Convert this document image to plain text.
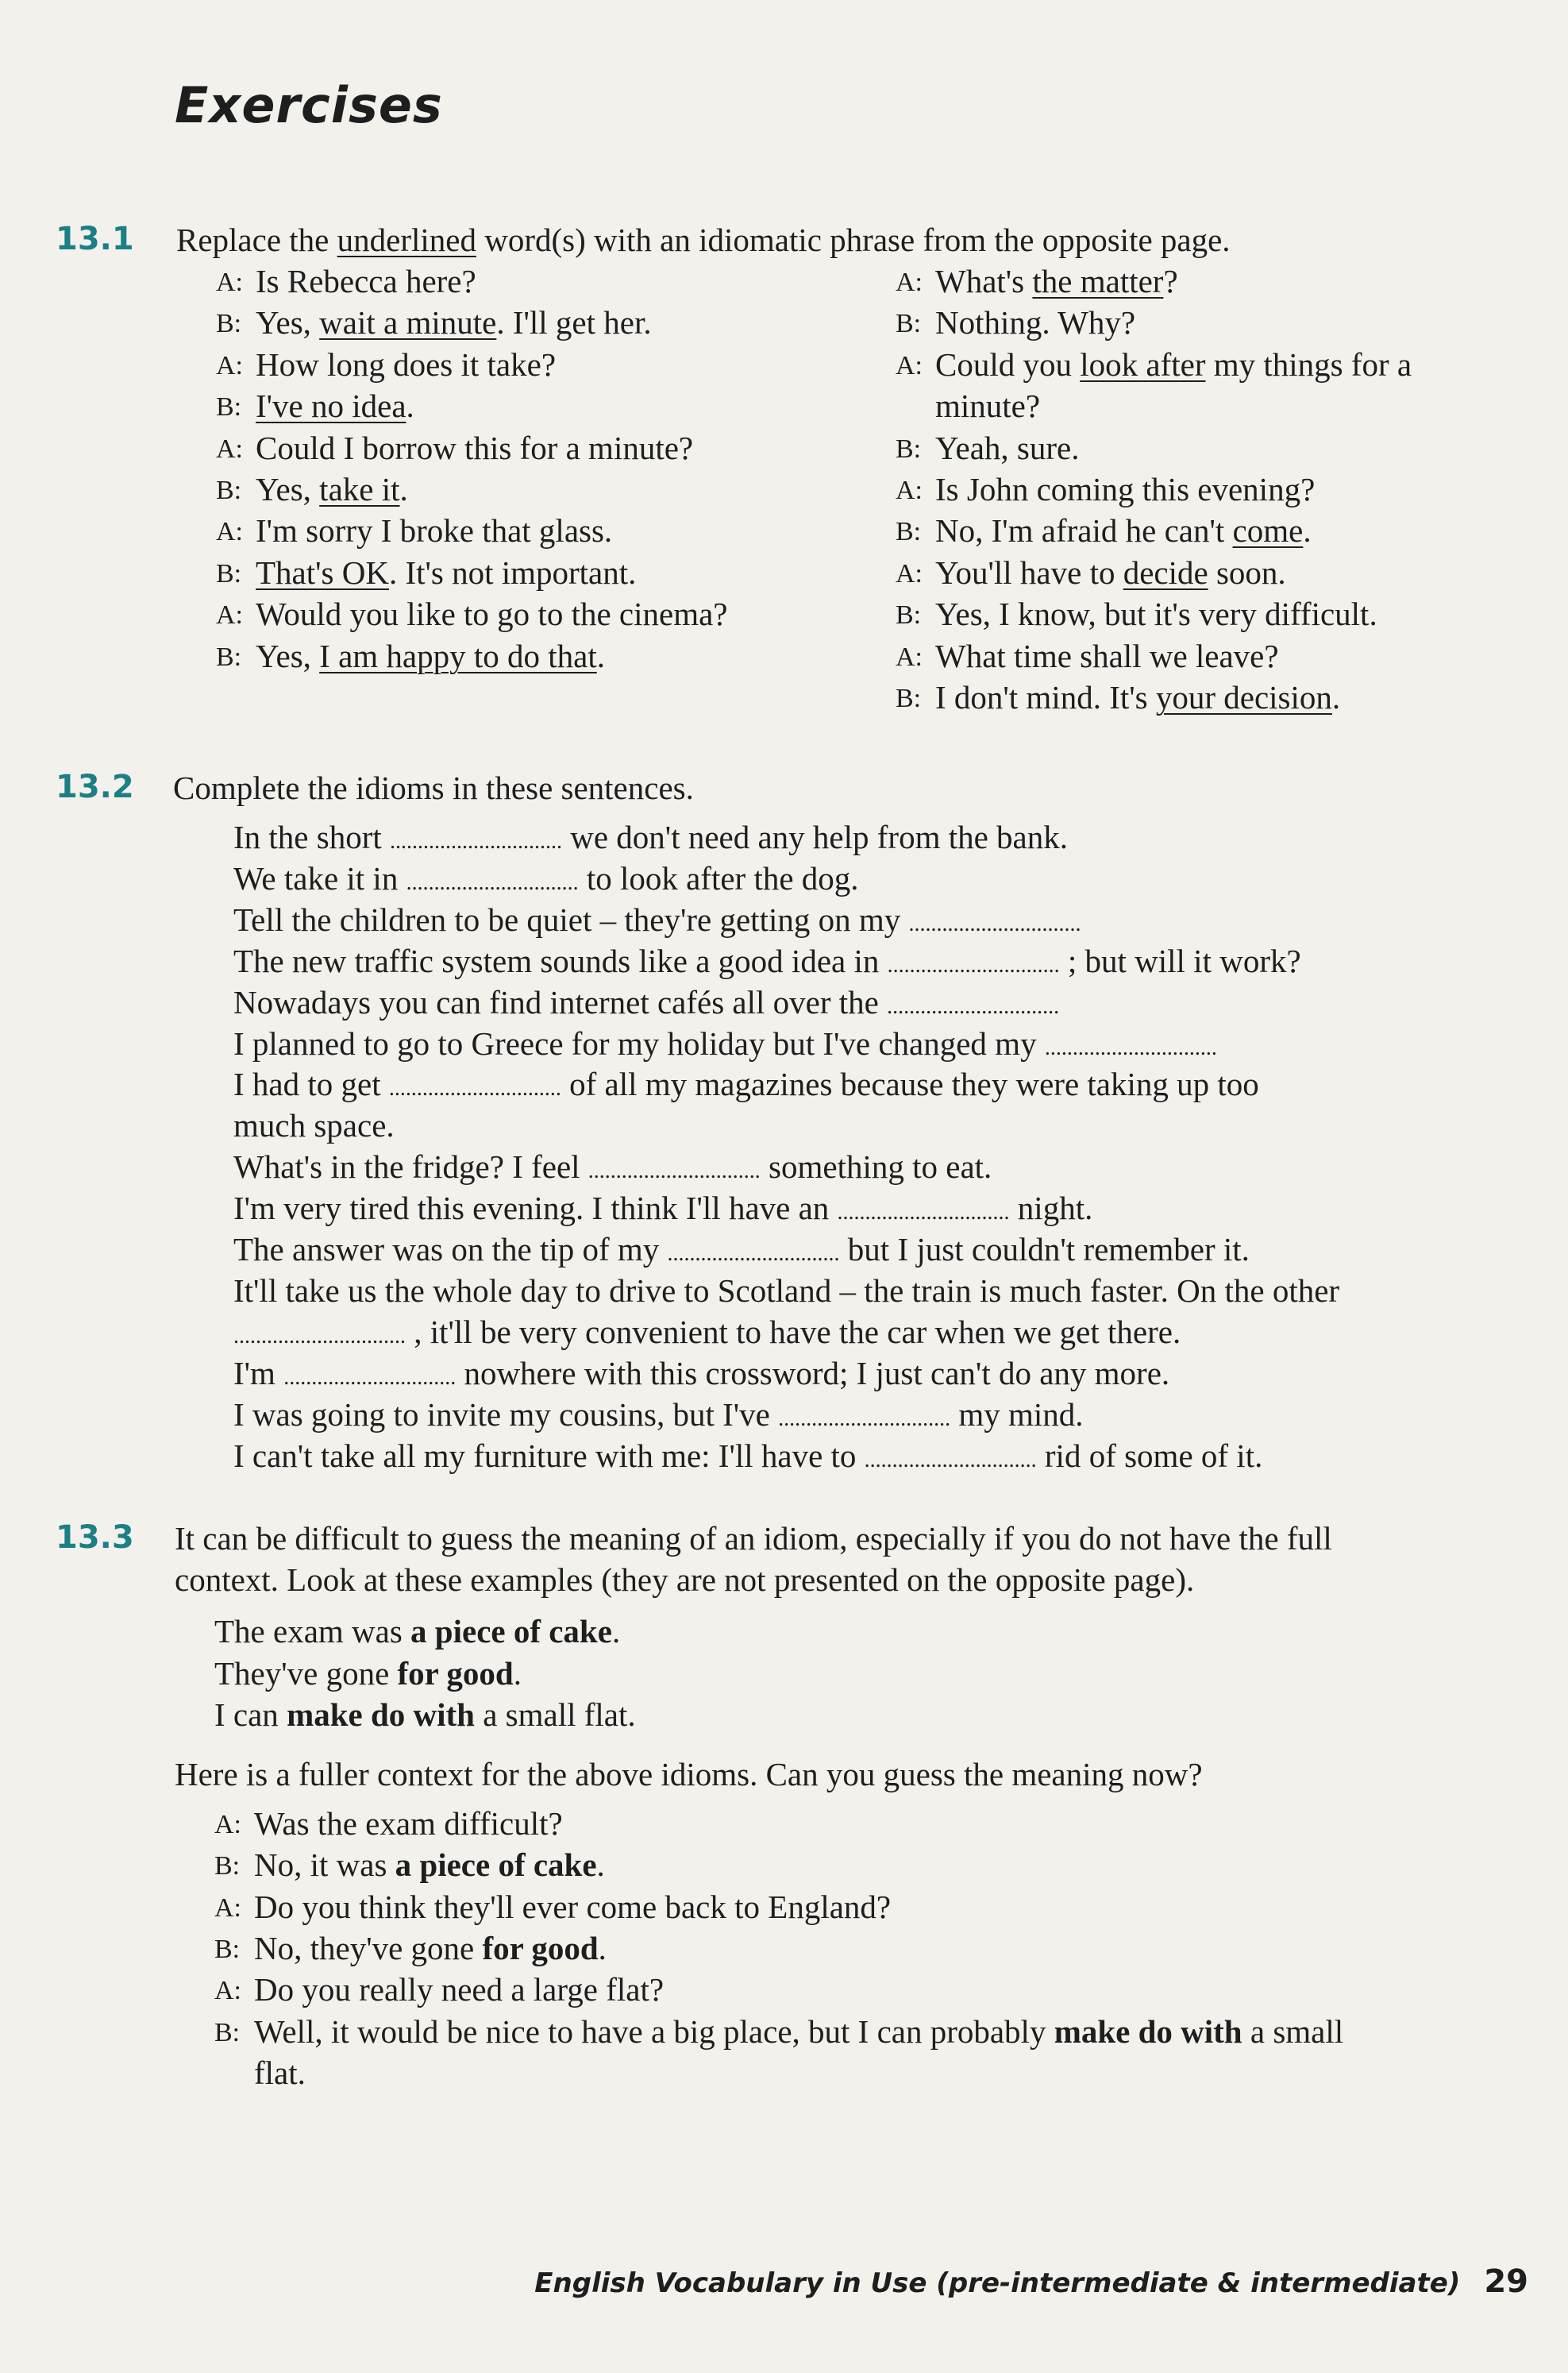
Exercises
13.1 Replace the underlined word(s) with an idiomatic phrase from the opposite page.
A: Is Rebecca here?
B: Yes, wait a minute. I'll get her.
A: How long does it take?
B: I've no idea.
A: Could I borrow this for a minute?
B: Yes, take it.
A: I'm sorry I broke that glass.
B: That's OK. It's not important.
A: Would you like to go to the cinema?
B: Yes, I am happy to do that.
A: What's the matter?
B: Nothing. Why?
A: Could you look after my things for a
minute?
B: Yeah, sure.
A: Is John coming this evening?
B: No, I'm afraid he can't come.
A: You'll have to decide soon.
B: Yes, I know, but it's very difficult.
A: What time shall we leave?
B: I don't mind. It's your decision.
13.2 Complete the idioms in these sentences.
In the short ............................... we don't need any help from the bank.
We take it in ............................... to look after the dog.
Tell the children to be quiet – they're getting on my ...............................
The new traffic system sounds like a good idea in ............................... ; but will it work?
Nowadays you can find internet cafés all over the ...............................
I planned to go to Greece for my holiday but I've changed my ...............................
I had to get ............................... of all my magazines because they were taking up too
much space.
What's in the fridge? I feel ............................... something to eat.
I'm very tired this evening. I think I'll have an ............................... night.
The answer was on the tip of my ............................... but I just couldn't remember it.
It'll take us the whole day to drive to Scotland – the train is much faster. On the other
............................... , it'll be very convenient to have the car when we get there.
I'm ............................... nowhere with this crossword; I just can't do any more.
I was going to invite my cousins, but I've ............................... my mind.
I can't take all my furniture with me: I'll have to ............................... rid of some of it.
13.3 It can be difficult to guess the meaning of an idiom, especially if you do not have the full
context. Look at these examples (they are not presented on the opposite page).
The exam was a piece of cake.
They've gone for good.
I can make do with a small flat.
Here is a fuller context for the above idioms. Can you guess the meaning now?
A: Was the exam difficult?
B: No, it was a piece of cake.
A: Do you think they'll ever come back to England?
B: No, they've gone for good.
A: Do you really need a large flat?
B: Well, it would be nice to have a big place, but I can probably make do with a small
flat.
English Vocabulary in Use (pre-intermediate & intermediate) 29
